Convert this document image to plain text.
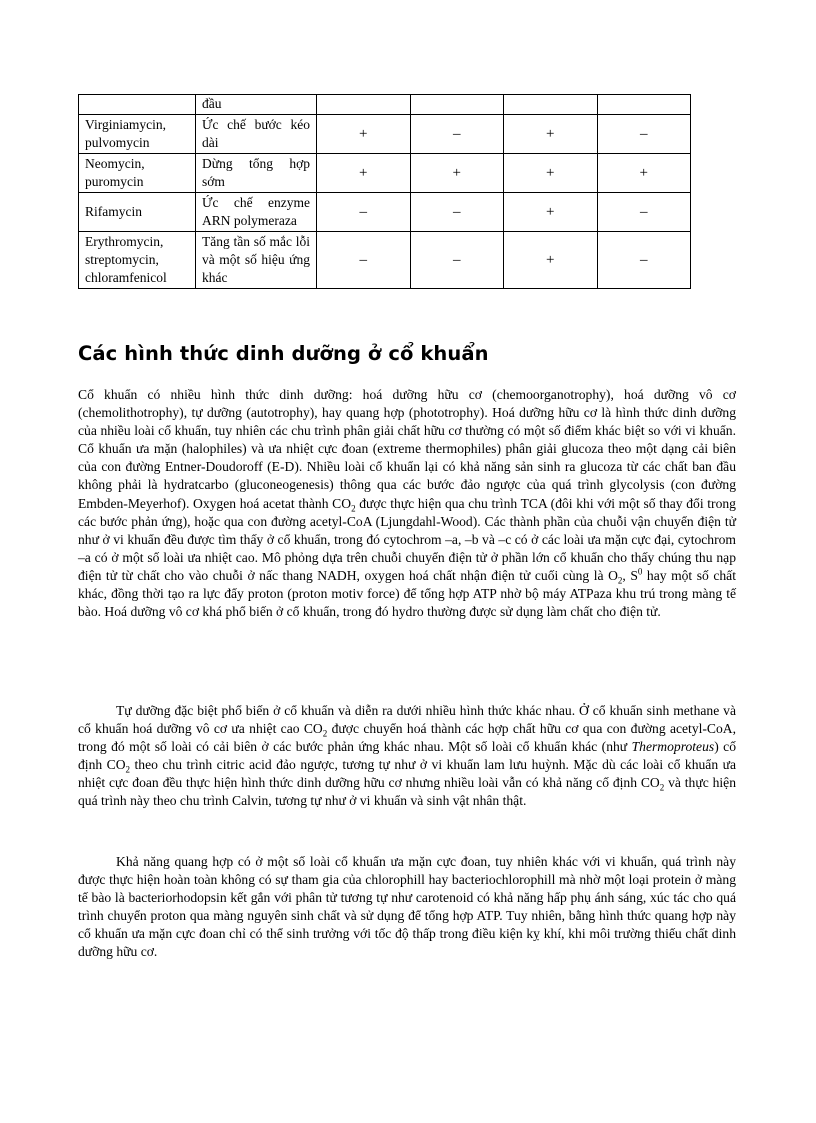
	đầu				
Virginiamycin, pulvomycin	Ức chế bước kéo dài	+	–	+	–
Neomycin, puromycin	Dừng tổng hợp sớm	+	+	+	+
Rifamycin	Ức chế enzyme ARN polymeraza	–	–	+	–
Erythromycin, streptomycin, chloramfenicol	Tăng tần số mắc lỗi và một số hiệu ứng khác	–	–	+	–
Các hình thức dinh dưỡng ở cổ khuẩn

Cổ khuẩn có nhiều hình thức dinh dưỡng: hoá dưỡng hữu cơ (chemoorganotrophy), hoá dưỡng vô cơ (chemolithotrophy), tự dưỡng (autotrophy), hay quang hợp (phototrophy). Hoá dưỡng hữu cơ là hình thức dinh dưỡng của nhiều loài cổ khuẩn, tuy nhiên các chu trình phân giải chất hữu cơ thường có một số điểm khác biệt so với vi khuẩn. Cổ khuẩn ưa mặn (halophiles) và ưa nhiệt cực đoan (extreme thermophiles) phân giải glucoza theo một dạng cải biên của con đường Entner-Doudoroff (E-D). Nhiều loài cổ khuẩn lại có khả năng sản sinh ra glucoza từ các chất ban đầu không phải là hydratcarbo (gluconeogenesis) thông qua các bước đảo ngược của quá trình glycolysis (con đường Embden-Meyerhof). Oxygen hoá acetat thành $CO_2$ được thực hiện qua chu trình TCA (đôi khi với một số thay đổi trong các bước phản ứng), hoặc qua con đường acetyl-CoA (Ljungdahl-Wood). Các thành phần của chuỗi vận chuyển điện tử như ở vi khuẩn đều được tìm thấy ở cổ khuẩn, trong đó cytochrom –a, –b và –c có ở các loài ưa mặn cực đại, cytochrom –a có ở một số loài ưa nhiệt cao. Mô phỏng dựa trên chuỗi chuyển điện tử ở phần lớn cổ khuẩn cho thấy chúng thu nạp điện tử từ chất cho vào chuỗi ở nấc thang NADH, oxygen hoá chất nhận điện tử cuối cùng là $O_2$, $S^0$ hay một số chất khác, đồng thời tạo ra lực đẩy proton (proton motiv force) để tổng hợp ATP nhờ bộ máy ATPaza khu trú trong màng tế bào. Hoá dưỡng vô cơ khá phổ biến ở cổ khuẩn, trong đó hydro thường được sử dụng làm chất cho điện tử.

Tự dưỡng đặc biệt phổ biến ở cổ khuẩn và diễn ra dưới nhiều hình thức khác nhau. Ở cổ khuẩn sinh methane và cổ khuẩn hoá dưỡng vô cơ ưa nhiệt cao $CO_2$ được chuyển hoá thành các hợp chất hữu cơ qua con đường acetyl-CoA, trong đó một số loài có cải biên ở các bước phản ứng khác nhau. Một số loài cổ khuẩn khác (như Thermoproteus) cố định $CO_2$ theo chu trình citric acid đảo ngược, tương tự như ở vi khuẩn lam lưu huỳnh. Mặc dù các loài cổ khuẩn ưa nhiệt cực đoan đều thực hiện hình thức dinh dưỡng hữu cơ nhưng nhiều loài vẫn có khả năng cố định $CO_2$ và thực hiện quá trình này theo chu trình Calvin, tương tự như ở vi khuẩn và sinh vật nhân thật.

Khả năng quang hợp có ở một số loài cổ khuẩn ưa mặn cực đoan, tuy nhiên khác với vi khuẩn, quá trình này được thực hiện hoàn toàn không có sự tham gia của chlorophill hay bacteriochlorophill mà nhờ một loại protein ở màng tế bào là bacteriorhodopsin kết gắn với phân tử tương tự như carotenoid có khả năng hấp phụ ánh sáng, xúc tác cho quá trình chuyển proton qua màng nguyên sinh chất và sử dụng để tổng hợp ATP. Tuy nhiên, bằng hình thức quang hợp này cổ khuẩn ưa mặn cực đoan chỉ có thể sinh trưởng với tốc độ thấp trong điều kiện kỵ khí, khi môi trường thiếu chất dinh dưỡng hữu cơ.
